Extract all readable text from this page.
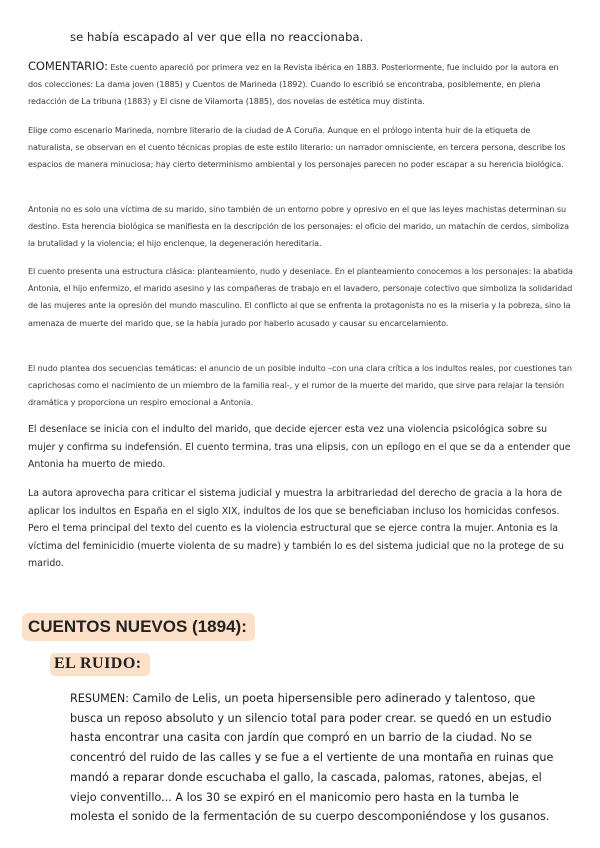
se había escapado al ver que ella no reaccionaba.
COMENTARIO: Este cuento apareció por primera vez en la Revista ibérica en 1883. Posteriormente, fue incluido por la autora en dos colecciones: La dama joven (1885) y Cuentos de Marineda (1892). Cuando lo escribió se encontraba, posiblemente, en plena redacción de La tribuna (1883) y El cisne de Vilamorta (1885), dos novelas de estética muy distinta.
Elige como escenario Marineda, nombre literario de la ciudad de A Coruña. Aunque en el prólogo intenta huir de la etiqueta de naturalista, se observan en el cuento técnicas propias de este estilo literario: un narrador omnisciente, en tercera persona, describe los espacios de manera minuciosa; hay cierto determinismo ambiental y los personajes parecen no poder escapar a su herencia biológica.
Antonia no es solo una víctima de su marido, sino también de un entorno pobre y opresivo en el que las leyes machistas determinan su destino. Esta herencia biológica se manifiesta en la descripción de los personajes: el oficio del marido, un matachín de cerdos, simboliza la brutalidad y la violencia; el hijo enclenque, la degeneración hereditaria.
El cuento presenta una estructura clásica: planteamiento, nudo y desenlace. En el planteamiento conocemos a los personajes: la abatida Antonia, el hijo enfermizo, el marido asesino y las compañeras de trabajo en el lavadero, personaje colectivo que simboliza la solidaridad de las mujeres ante la opresión del mundo masculino. El conflicto al que se enfrenta la protagonista no es la miseria y la pobreza, sino la amenaza de muerte del marido que, se la había jurado por haberlo acusado y causar su encarcelamiento.
El nudo plantea dos secuencias temáticas: el anuncio de un posible indulto –con una clara crítica a los indultos reales, por cuestiones tan caprichosas como el nacimiento de un miembro de la familia real-, y el rumor de la muerte del marido, que sirve para relajar la tensión dramática y proporciona un respiro emocional a Antonia.
El desenlace se inicia con el indulto del marido, que decide ejercer esta vez una violencia psicológica sobre su mujer y confirma su indefensión. El cuento termina, tras una elipsis, con un epílogo en el que se da a entender que Antonia ha muerto de miedo.
La autora aprovecha para criticar el sistema judicial y muestra la arbitrariedad del derecho de gracia a la hora de aplicar los indultos en España en el siglo XIX, indultos de los que se beneficiaban incluso los homicidas confesos. Pero el tema principal del texto del cuento es la violencia estructural que se ejerce contra la mujer. Antonia es la víctima del feminicidio (muerte violenta de su madre) y también lo es del sistema judicial que no la protege de su marido.
CUENTOS NUEVOS (1894):
EL RUIDO:
RESUMEN: Camilo de Lelis, un poeta hipersensible pero adinerado y talentoso, que busca un reposo absoluto y un silencio total para poder crear. se quedó en un estudio hasta encontrar una casita con jardín que compró en un barrio de la ciudad. No se concentró del ruido de las calles y se fue a el vertiente de una montaña en ruinas que mandó a reparar donde escuchaba el gallo, la cascada, palomas, ratones, abejas, el viejo conventillo... A los 30 se expiró en el manicomio pero hasta en la tumba le molesta el sonido de la fermentación de su cuerpo descomponiéndose y los gusanos.
